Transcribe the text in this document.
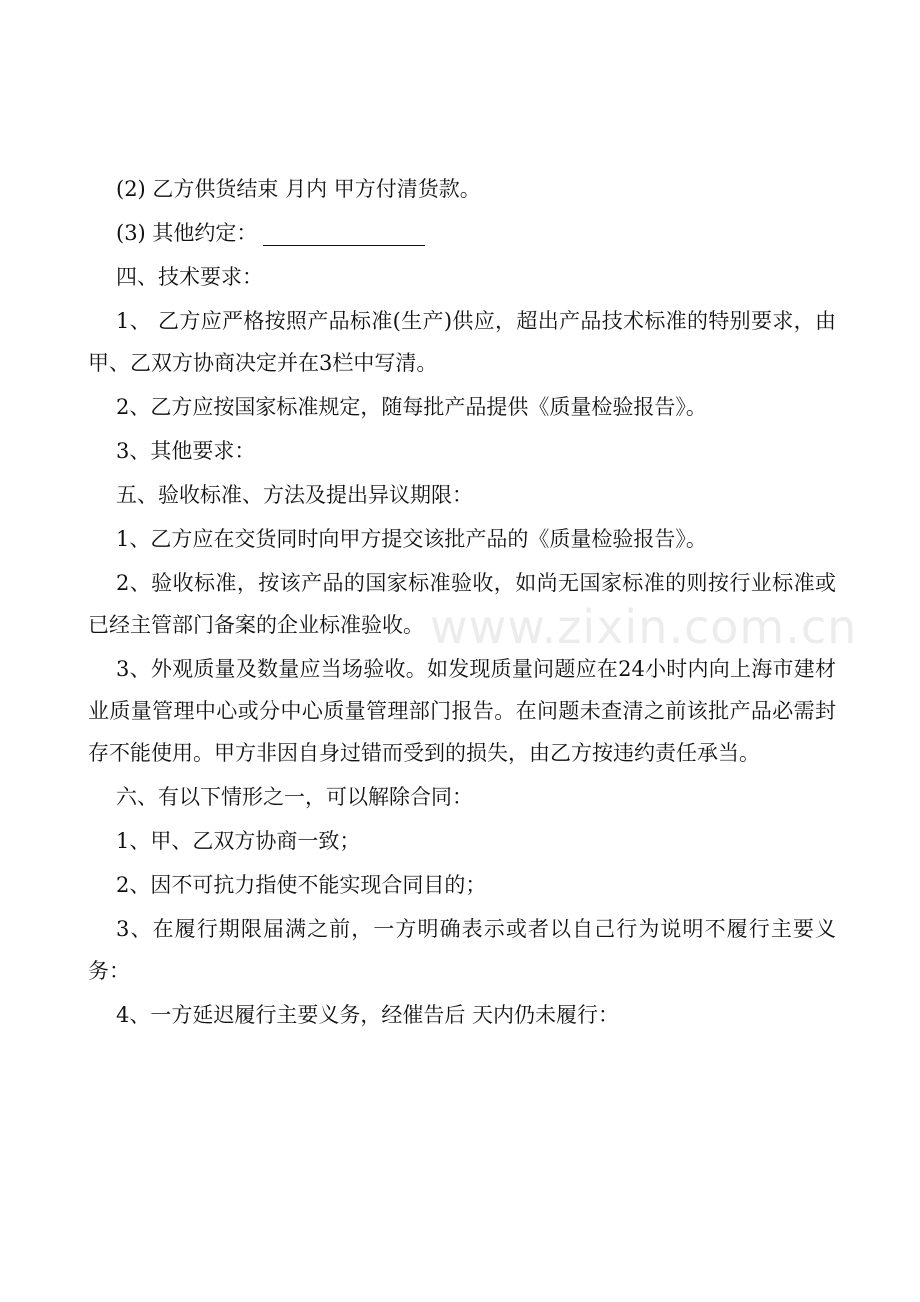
(2) 乙方供货结束 月内 甲方付清货款。

(3) 其他约定：

四、技术要求：

1、 乙方应严格按照产品标准(生产)供应，超出产品技术标准的特别要求，由甲、乙双方协商决定并在3栏中写清。

2、乙方应按国家标准规定，随每批产品提供《质量检验报告》。

3、其他要求：

五、验收标准、方法及提出异议期限：

1、乙方应在交货同时向甲方提交该批产品的《质量检验报告》。

2、验收标准，按该产品的国家标准验收，如尚无国家标准的则按行业标准或已经主管部门备案的企业标准验收。

3、外观质量及数量应当场验收。如发现质量问题应在24小时内向上海市建材业质量管理中心或分中心质量管理部门报告。在问题未查清之前该批产品必需封存不能使用。甲方非因自身过错而受到的损失，由乙方按违约责任承当。

六、有以下情形之一，可以解除合同：

1、甲、乙双方协商一致；

2、因不可抗力指使不能实现合同目的；

3、在履行期限届满之前，一方明确表示或者以自己行为说明不履行主要义务：

4、一方延迟履行主要义务，经催告后 天内仍未履行：

www.zixin.com.cn
